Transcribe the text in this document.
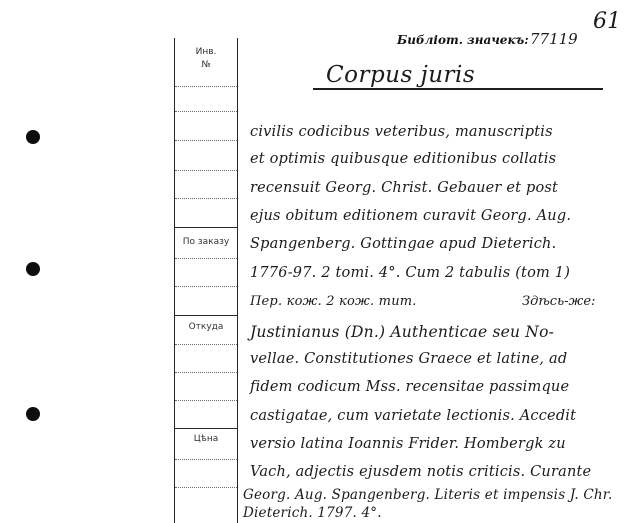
Инв.
№
По заказу
Откуда
Цѣна
Библіот. значекъ: 77119
61
Corpus juris
civilis codicibus veteribus, manuscriptis
et optimis quibusque editionibus collatis
recensuit Georg. Christ. Gebauer et post
ejus obitum editionem curavit Georg. Aug.
Spangenberg. Gottingae apud Dieterich.
1776-97. 2 tomi. 4°. Cum 2 tabulis (tom 1)
Пер. кож. 2 кож. тит.	Здѣсь-же:
Justinianus (Dn.) Authenticae seu No-
vellae. Constitutiones Graece et latine, ad
fidem codicum Mss. recensitae passimque
castigatae, cum varietate lectionis. Accedit
versio latina Ioannis Frider. Hombergk zu
Vach, adjectis ejusdem notis criticis. Curante
Georg. Aug. Spangenberg. Literis et impensis J. Chr.
Dieterich. 1797. 4°.
